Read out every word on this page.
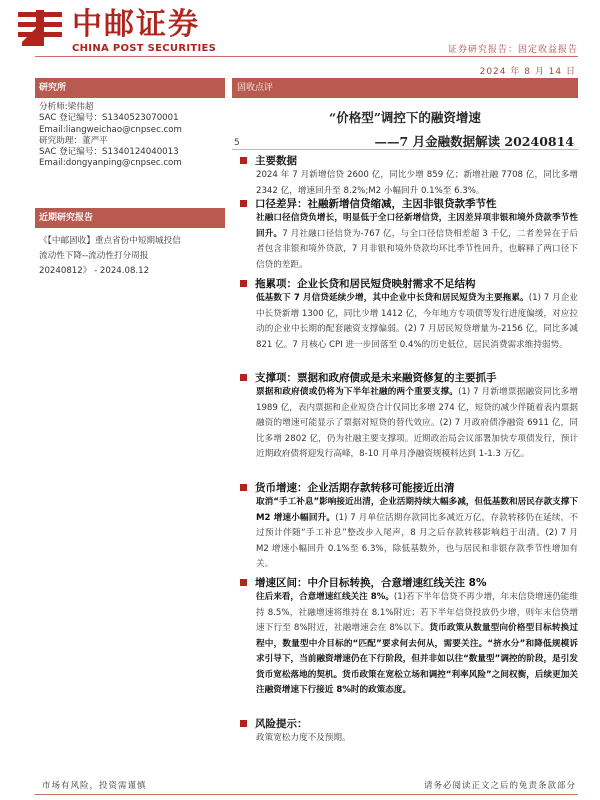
中邮证券
CHINA POST SECURITIES	证券研究报告：固定收益报告
2024 年 8 月 14 日
研究所
分析师:梁伟超
SAC 登记编号：S1340523070001
Email:liangweichao@cnpsec.com
研究助理：董严平
SAC 登记编号：S1340124040013
Email:dongyanping@cnpsec.com
近期研究报告
《【中邮固收】重点省份中短期城投信
流动性下降--流动性打分周报
20240812》 - 2024.08.12
固收点评
“价格型”调控下的融资增速
——7 月金融数据解读 20240814
5
主要数据
2024 年 7 月新增信贷 2600 亿，同比少增 859 亿；新增社融 7708 亿，同比多增 2342 亿，增速回升至 8.2%;M2 小幅回升 0.1%至 6.3%。
口径差异：社融新增信贷缩减，主因非银贷款季节性
社融口径信贷负增长，明显低于全口径新增信贷，主因差异项非银和境外贷款季节性回升。7 月社融口径信贷为-767 亿，与全口径信贷相差超 3 千亿，二者差异在于后者包含非银和境外贷款，7 月非银和境外贷款均环比季节性回升，也解释了两口径下信贷的差距。
拖累项：企业长贷和居民短贷映射需求不足结构
低基数下 7 月信贷延续少增，其中企业中长贷和居民短贷为主要拖累。(1) 7 月企业中长贷新增 1300 亿，同比少增 1412 亿，今年地方专项债等发行进度偏缓，对应拉动的企业中长期的配套融资支撑偏弱。(2) 7 月居民短贷增量为-2156 亿，同比多减 821 亿。7 月核心 CPI 进一步回落至 0.4%的历史低位，居民消费需求维持弱势。
支撑项：票据和政府债或是未来融资修复的主要抓手
票据和政府债或仍将为下半年社融的两个重要支撑。(1) 7 月新增票据融资同比多增 1989 亿，表内票据和企业短贷合计仅同比多增 274 亿，短贷的减少伴随着表内票据融资的增速可能显示了票据对短贷的替代效应。(2) 7 月政府债净融资 6911 亿，同比多增 2802 亿，仍为社融主要支撑项。近期政治局会议部署加快专项债发行，预计近期政府债将迎发行高峰，8-10 月单月净融资规模料达到 1-1.3 万亿。
货币增速：企业活期存款转移可能接近出清
取消“手工补息”影响接近出清，企业活期持续大幅多减，但低基数和居民存款支撑下 M2 增速小幅回升。(1) 7 月单位活期存款同比多减近万亿，存款转移仍在延续，不过预计伴随“手工补息”整改步入尾声，8 月之后存款转移影响趋于出清。(2) 7 月 M2 增速小幅回升 0.1%至 6.3%，除低基数外，也与居民和非银存款季节性增加有关。
增速区间：中介目标转换，合意增速红线关注 8%
往后来看，合意增速红线关注 8%。(1)若下半年信贷不再少增，年末信贷增速仍能维持 8.5%，社融增速将维持在 8.1%附近；若下半年信贷投放仍少增，则年末信贷增速下行至 8%附近，社融增速会在 8%以下。货币政策从数量型向价格型目标转换过程中，数量型中介目标的“匹配”要求何去何从，需要关注。“挤水分”和降低规模诉求引导下，当前融资增速仍在下行阶段，但并非如以往“数量型”调控的阶段，是引发货币宽松落地的契机。货币政策在宽松立场和调控“利率风险”之间权衡，后续更加关注融资增速下行接近 8%时的政策态度。
风险提示：
政策宽松力度不及预期。
市场有风险，投资需谨慎	请务必阅读正文之后的免责条款部分
